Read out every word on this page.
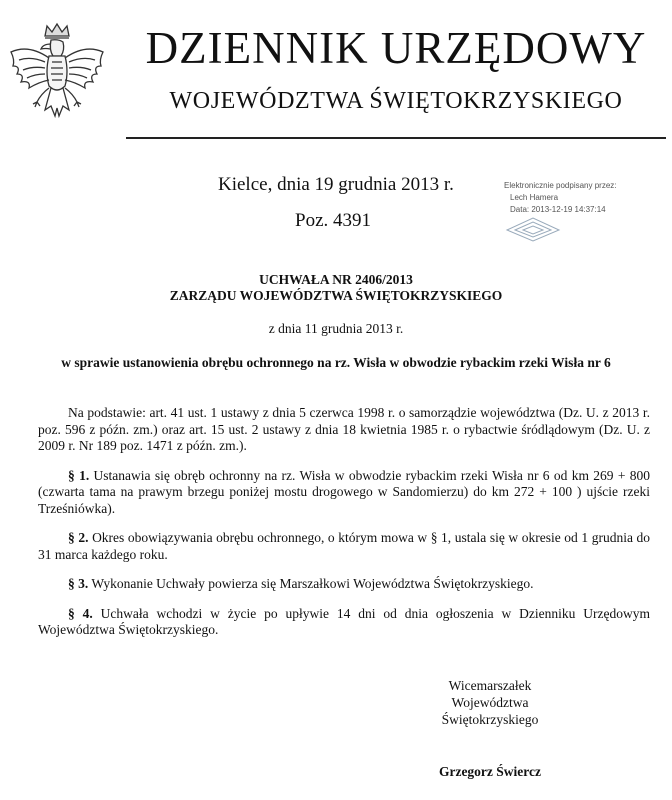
DZIENNIK URZĘDOWY
WOJEWÓDZTWA ŚWIĘTOKRZYSKIEGO
Kielce, dnia 19 grudnia 2013 r.
Poz. 4391
Elektronicznie podpisany przez:
Lech Hamera
Data: 2013-12-19 14:37:14
UCHWAŁA NR 2406/2013
ZARZĄDU WOJEWÓDZTWA ŚWIĘTOKRZYSKIEGO
z dnia 11 grudnia 2013 r.
w sprawie ustanowienia obrębu ochronnego na rz. Wisła w obwodzie rybackim rzeki Wisła nr 6

Na podstawie: art. 41 ust. 1 ustawy z dnia 5 czerwca 1998 r. o samorządzie województwa (Dz. U. z 2013 r. poz. 596 z późn. zm.) oraz art. 15 ust. 2 ustawy z dnia 18 kwietnia 1985 r. o rybactwie śródlądowym (Dz. U. z 2009 r. Nr 189 poz. 1471 z późn. zm.).

§ 1. Ustanawia się obręb ochronny na rz. Wisła w obwodzie rybackim rzeki Wisła nr 6 od km 269 + 800 (czwarta tama na prawym brzegu poniżej mostu drogowego w Sandomierzu) do km 272 + 100 ) ujście rzeki Trześniówka).

§ 2. Okres obowiązywania obrębu ochronnego, o którym mowa w § 1, ustala się w okresie od 1 grudnia do 31 marca każdego roku.

§ 3. Wykonanie Uchwały powierza się Marszałkowi Województwa Świętokrzyskiego.

§ 4. Uchwała wchodzi w życie po upływie 14 dni od dnia ogłoszenia w Dzienniku Urzędowym Województwa Świętokrzyskiego.

Wicemarszałek
Województwa
Świętokrzyskiego
Grzegorz Świercz
